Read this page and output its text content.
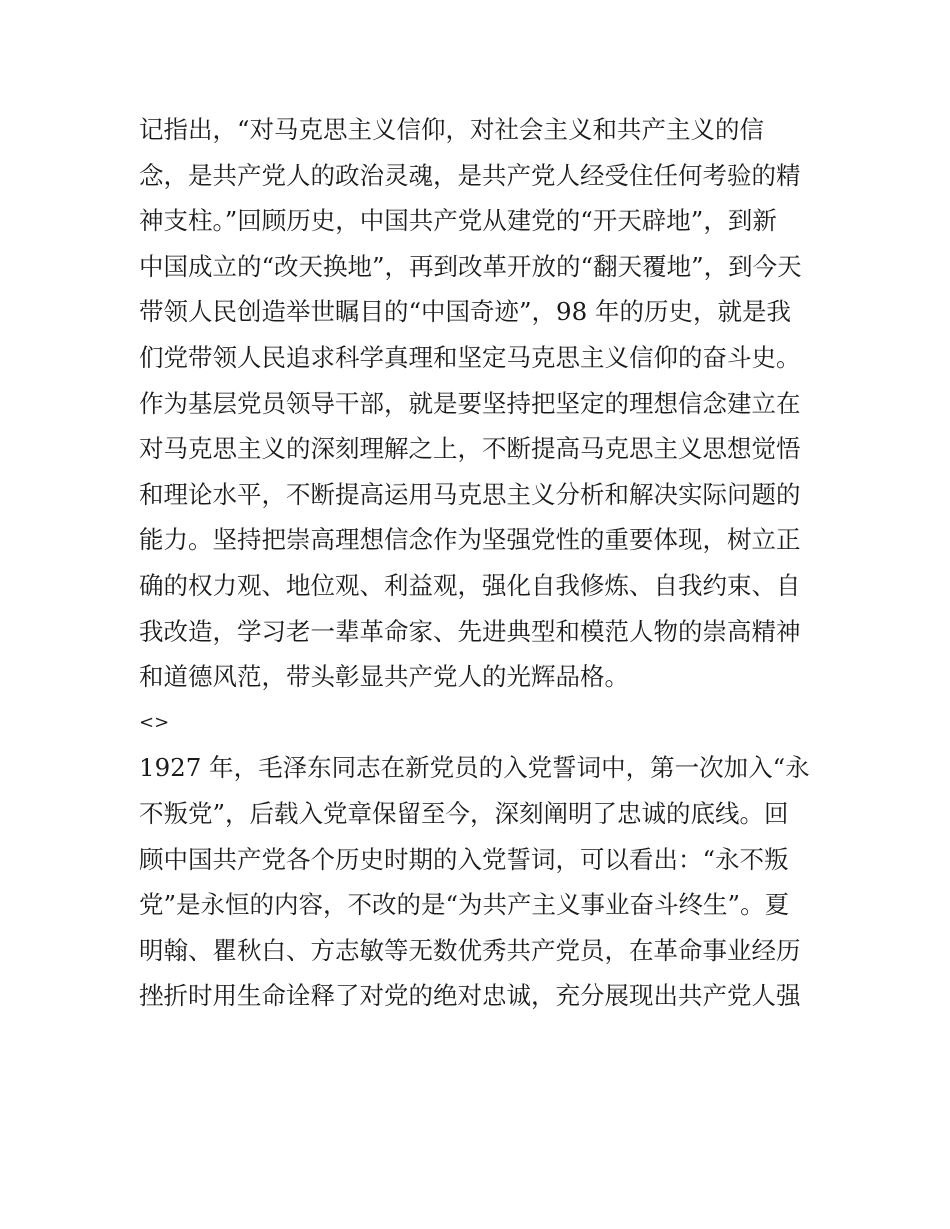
记指出，“对马克思主义信仰，对社会主义和共产主义的信
念，是共产党人的政治灵魂，是共产党人经受住任何考验的精
神支柱。”回顾历史，中国共产党从建党的“开天辟地”，到新
中国成立的“改天换地”，再到改革开放的“翻天覆地”，到今天
带领人民创造举世瞩目的“中国奇迹”，98 年的历史，就是我
们党带领人民追求科学真理和坚定马克思主义信仰的奋斗史。
作为基层党员领导干部，就是要坚持把坚定的理想信念建立在
对马克思主义的深刻理解之上，不断提高马克思主义思想觉悟
和理论水平，不断提高运用马克思主义分析和解决实际问题的
能力。坚持把崇高理想信念作为坚强党性的重要体现，树立正
确的权力观、地位观、利益观，强化自我修炼、自我约束、自
我改造，学习老一辈革命家、先进典型和模范人物的崇高精神
和道德风范，带头彰显共产党人的光辉品格。
<>
1927 年，毛泽东同志在新党员的入党誓词中，第一次加入“永
不叛党”，后载入党章保留至今，深刻阐明了忠诚的底线。回
顾中国共产党各个历史时期的入党誓词，可以看出：“永不叛
党”是永恒的内容，不改的是“为共产主义事业奋斗终生”。夏
明翰、瞿秋白、方志敏等无数优秀共产党员，在革命事业经历
挫折时用生命诠释了对党的绝对忠诚，充分展现出共产党人强
